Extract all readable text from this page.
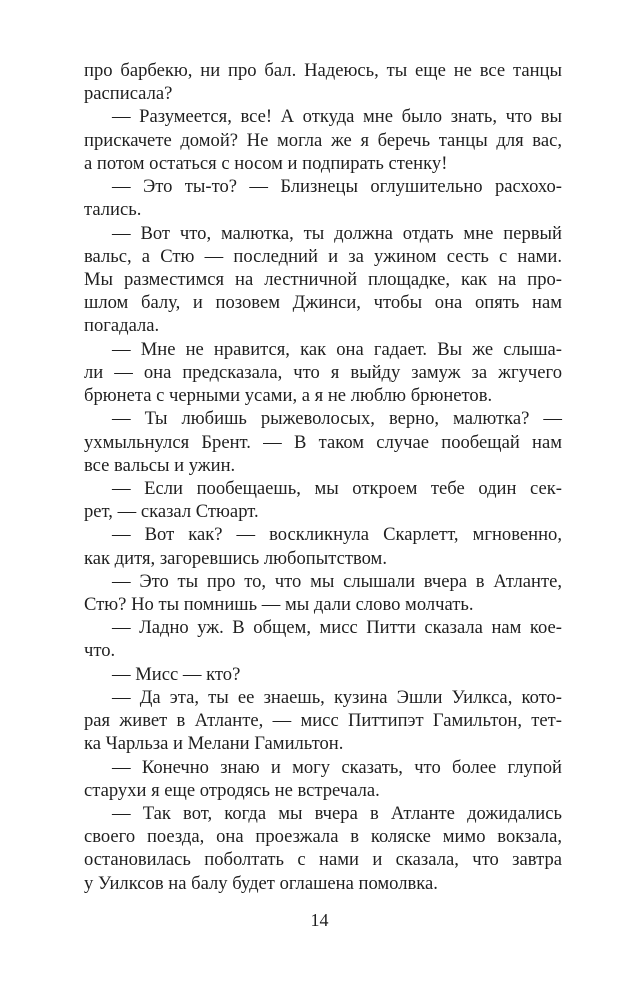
про барбекю, ни про бал. Надеюсь, ты еще не все танцы
расписала?
— Разумеется, все! А откуда мне было знать, что вы
прискачете домой? Не могла же я беречь танцы для вас,
а потом остаться с носом и подпирать стенку!
— Это ты-то? — Близнецы оглушительно расхохо-
тались.
— Вот что, малютка, ты должна отдать мне первый
вальс, а Стю — последний и за ужином сесть с нами.
Мы разместимся на лестничной площадке, как на про-
шлом балу, и позовем Джинси, чтобы она опять нам
погадала.
— Мне не нравится, как она гадает. Вы же слыша-
ли — она предсказала, что я выйду замуж за жгучего
брюнета с черными усами, а я не люблю брюнетов.
— Ты любишь рыжеволосых, верно, малютка? —
ухмыльнулся Брент. — В таком случае пообещай нам
все вальсы и ужин.
— Если пообещаешь, мы откроем тебе один сек-
рет, — сказал Стюарт.
— Вот как? — воскликнула Скарлетт, мгновенно,
как дитя, загоревшись любопытством.
— Это ты про то, что мы слышали вчера в Атланте,
Стю? Но ты помнишь — мы дали слово молчать.
— Ладно уж. В общем, мисс Питти сказала нам кое-
что.
— Мисс — кто?
— Да эта, ты ее знаешь, кузина Эшли Уилкса, кото-
рая живет в Атланте, — мисс Питтипэт Гамильтон, тет-
ка Чарльза и Мелани Гамильтон.
— Конечно знаю и могу сказать, что более глупой
старухи я еще отродясь не встречала.
— Так вот, когда мы вчера в Атланте дожидались
своего поезда, она проезжала в коляске мимо вокзала,
остановилась поболтать с нами и сказала, что завтра
у Уилксов на балу будет оглашена помолвка.
14
